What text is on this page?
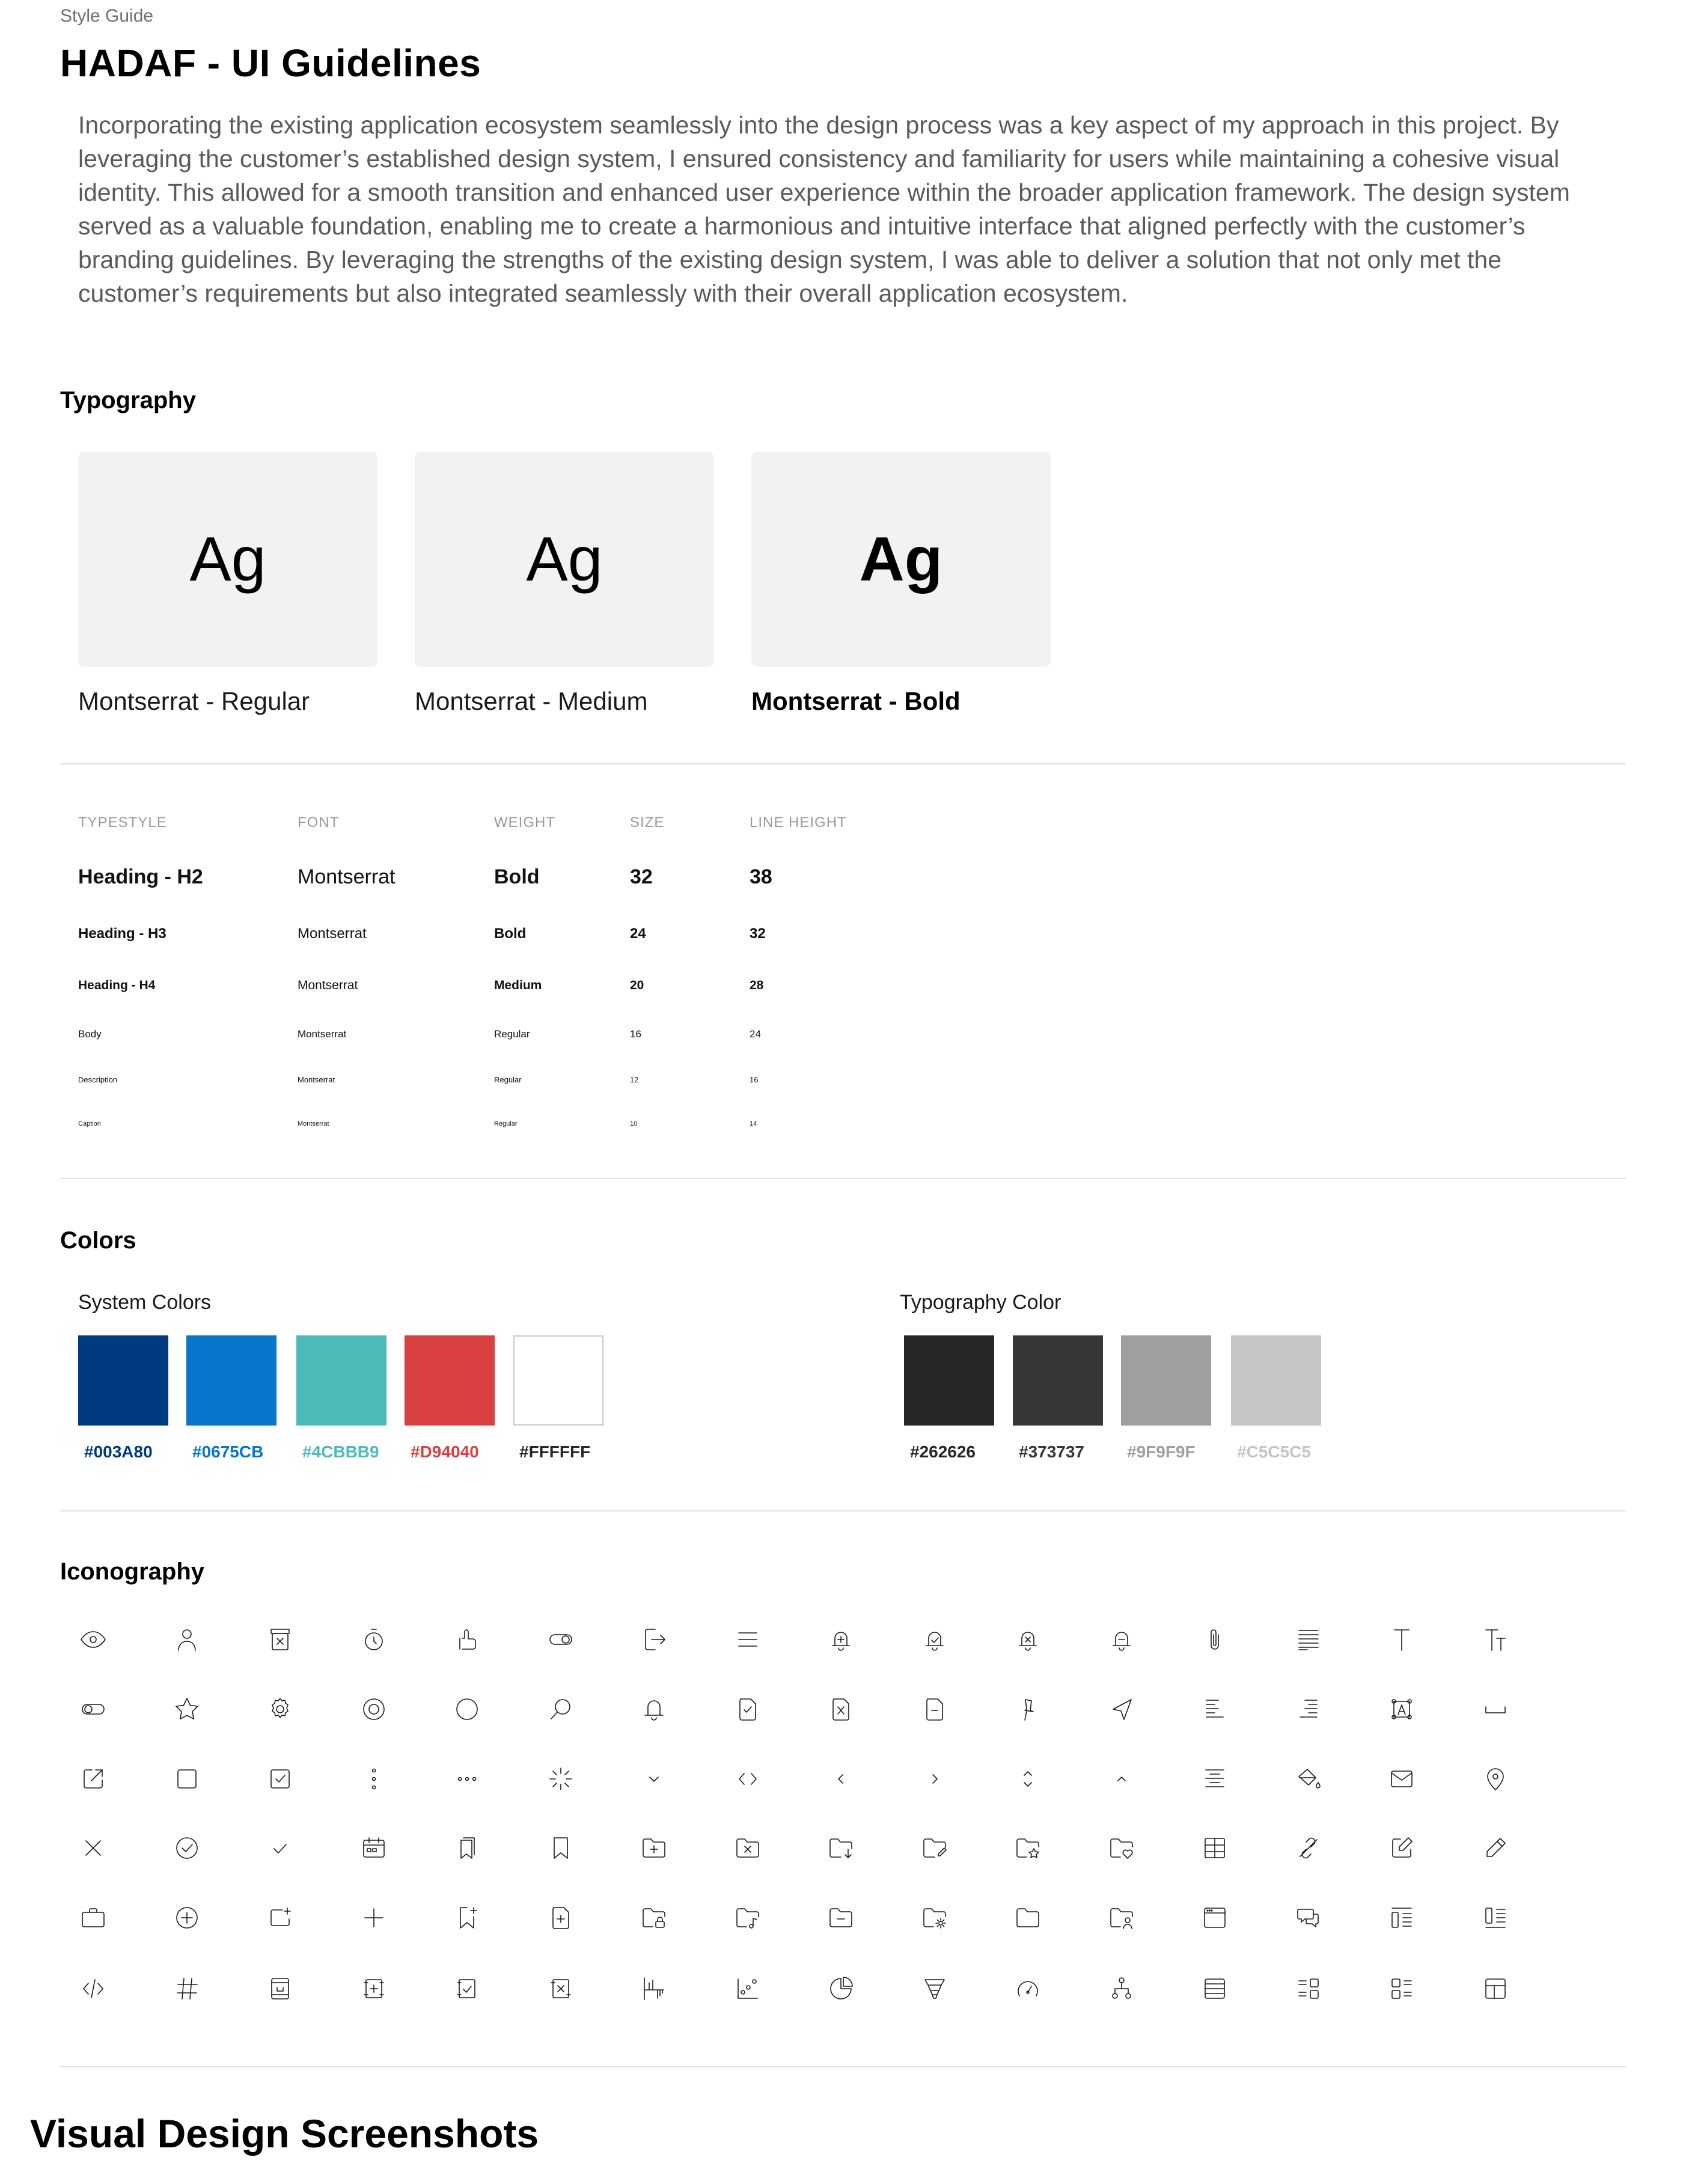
Style Guide
HADAF - UI Guidelines
Incorporating the existing application ecosystem seamlessly into the design process was a key aspect of my approach in this project. By leveraging the customer’s established design system, I ensured consistency and familiarity for users while maintaining a cohesive visual identity. This allowed for a smooth transition and enhanced user experience within the broader application framework. The design system served as a valuable foundation, enabling me to create a harmonious and intuitive interface that aligned perfectly with the customer’s branding guidelines. By leveraging the strengths of the existing design system, I was able to deliver a solution that not only met the customer’s requirements but also integrated seamlessly with their overall application ecosystem.
Typography
Ag	Ag	Ag
Montserrat - Regular	Montserrat - Medium	Montserrat - Bold
TYPESTYLE	FONT	WEIGHT	SIZE	LINE HEIGHT
Heading - H2	Montserrat	Bold	32	38
Heading - H3	Montserrat	Bold	24	32
Heading - H4	Montserrat	Medium	20	28
Body	Montserrat	Regular	16	24
Description	Montserrat	Regular	12	16
Caption	Montserrat	Regular	10	14
Colors
System Colors	Typography Color
#003A80	#0675CB	#4CBBB9	#D94040	#FFFFFF	#262626	#373737	#9F9F9F	#C5C5C5
Iconography
Visual Design Screenshots
